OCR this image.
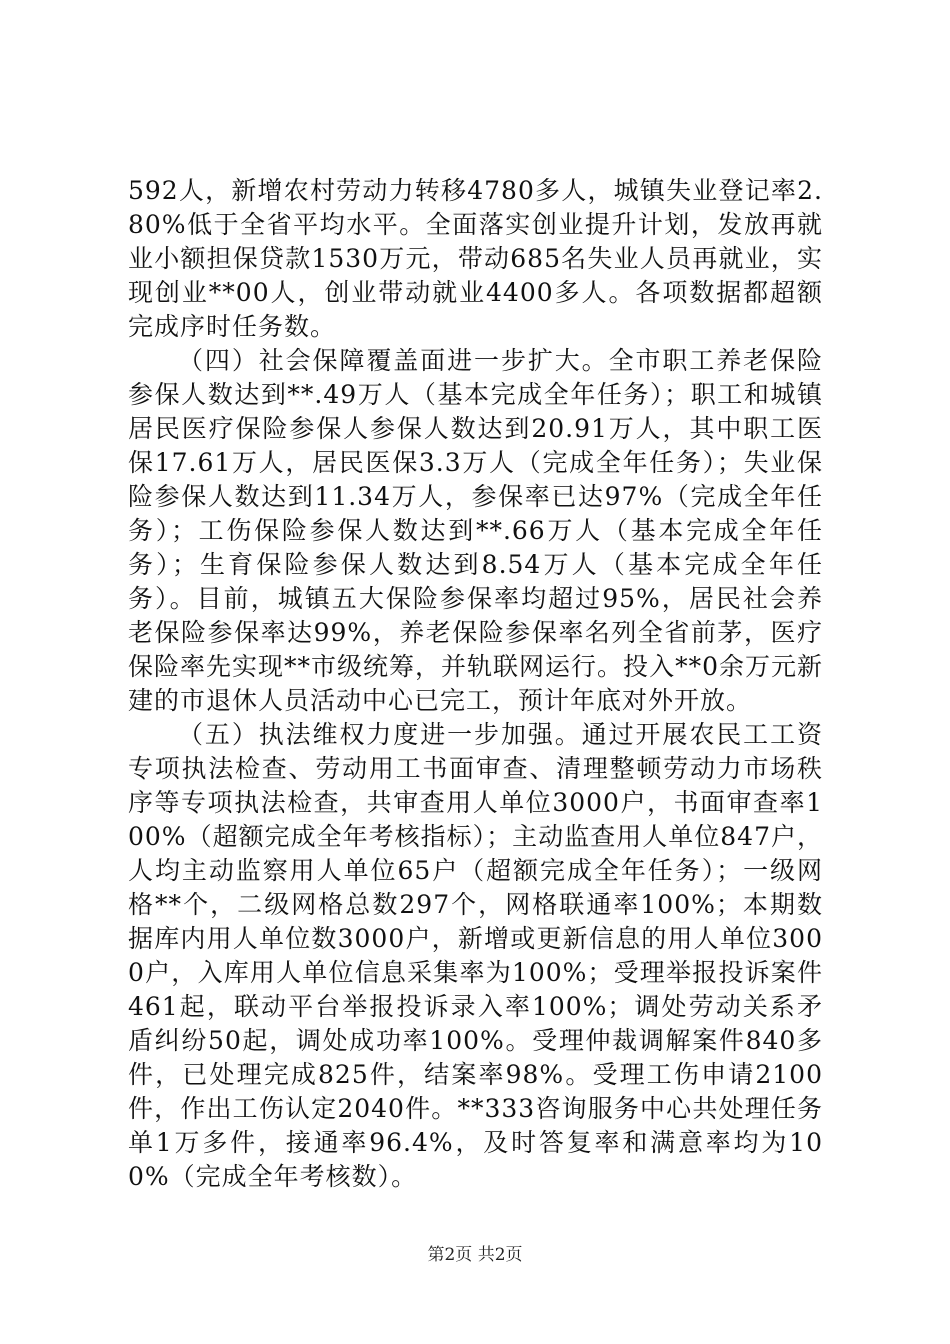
592人，新增农村劳动力转移4780多人，城镇失业登记率2.80%低于全省平均水平。全面落实创业提升计划，发放再就业小额担保贷款1530万元，带动685名失业人员再就业，实现创业**00人，创业带动就业4400多人。各项数据都超额完成序时任务数。

（四）社会保障覆盖面进一步扩大。全市职工养老保险参保人数达到**.49万人（基本完成全年任务）；职工和城镇居民医疗保险参保人参保人数达到20.91万人，其中职工医保17.61万人，居民医保3.3万人（完成全年任务）；失业保险参保人数达到11.34万人，参保率已达97%（完成全年任务）；工伤保险参保人数达到**.66万人（基本完成全年任务）；生育保险参保人数达到8.54万人（基本完成全年任务）。目前，城镇五大保险参保率均超过95%，居民社会养老保险参保率达99%，养老保险参保率名列全省前茅，医疗保险率先实现**市级统筹，并轨联网运行。投入**0余万元新建的市退休人员活动中心已完工，预计年底对外开放。

（五）执法维权力度进一步加强。通过开展农民工工资专项执法检查、劳动用工书面审查、清理整顿劳动力市场秩序等专项执法检查，共审查用人单位3000户，书面审查率100%（超额完成全年考核指标）；主动监查用人单位847户，人均主动监察用人单位65户（超额完成全年任务）；一级网格**个，二级网格总数297个，网格联通率100%；本期数据库内用人单位数3000户，新增或更新信息的用人单位3000户，入库用人单位信息采集率为100%；受理举报投诉案件461起，联动平台举报投诉录入率100%；调处劳动关系矛盾纠纷50起，调处成功率100%。受理仲裁调解案件840多件，已处理完成825件，结案率98%。受理工伤申请2100件，作出工伤认定2040件。**333咨询服务中心共处理任务单1万多件，接通率96.4%，及时答复率和满意率均为100%（完成全年考核数）。

第2页 共2页
